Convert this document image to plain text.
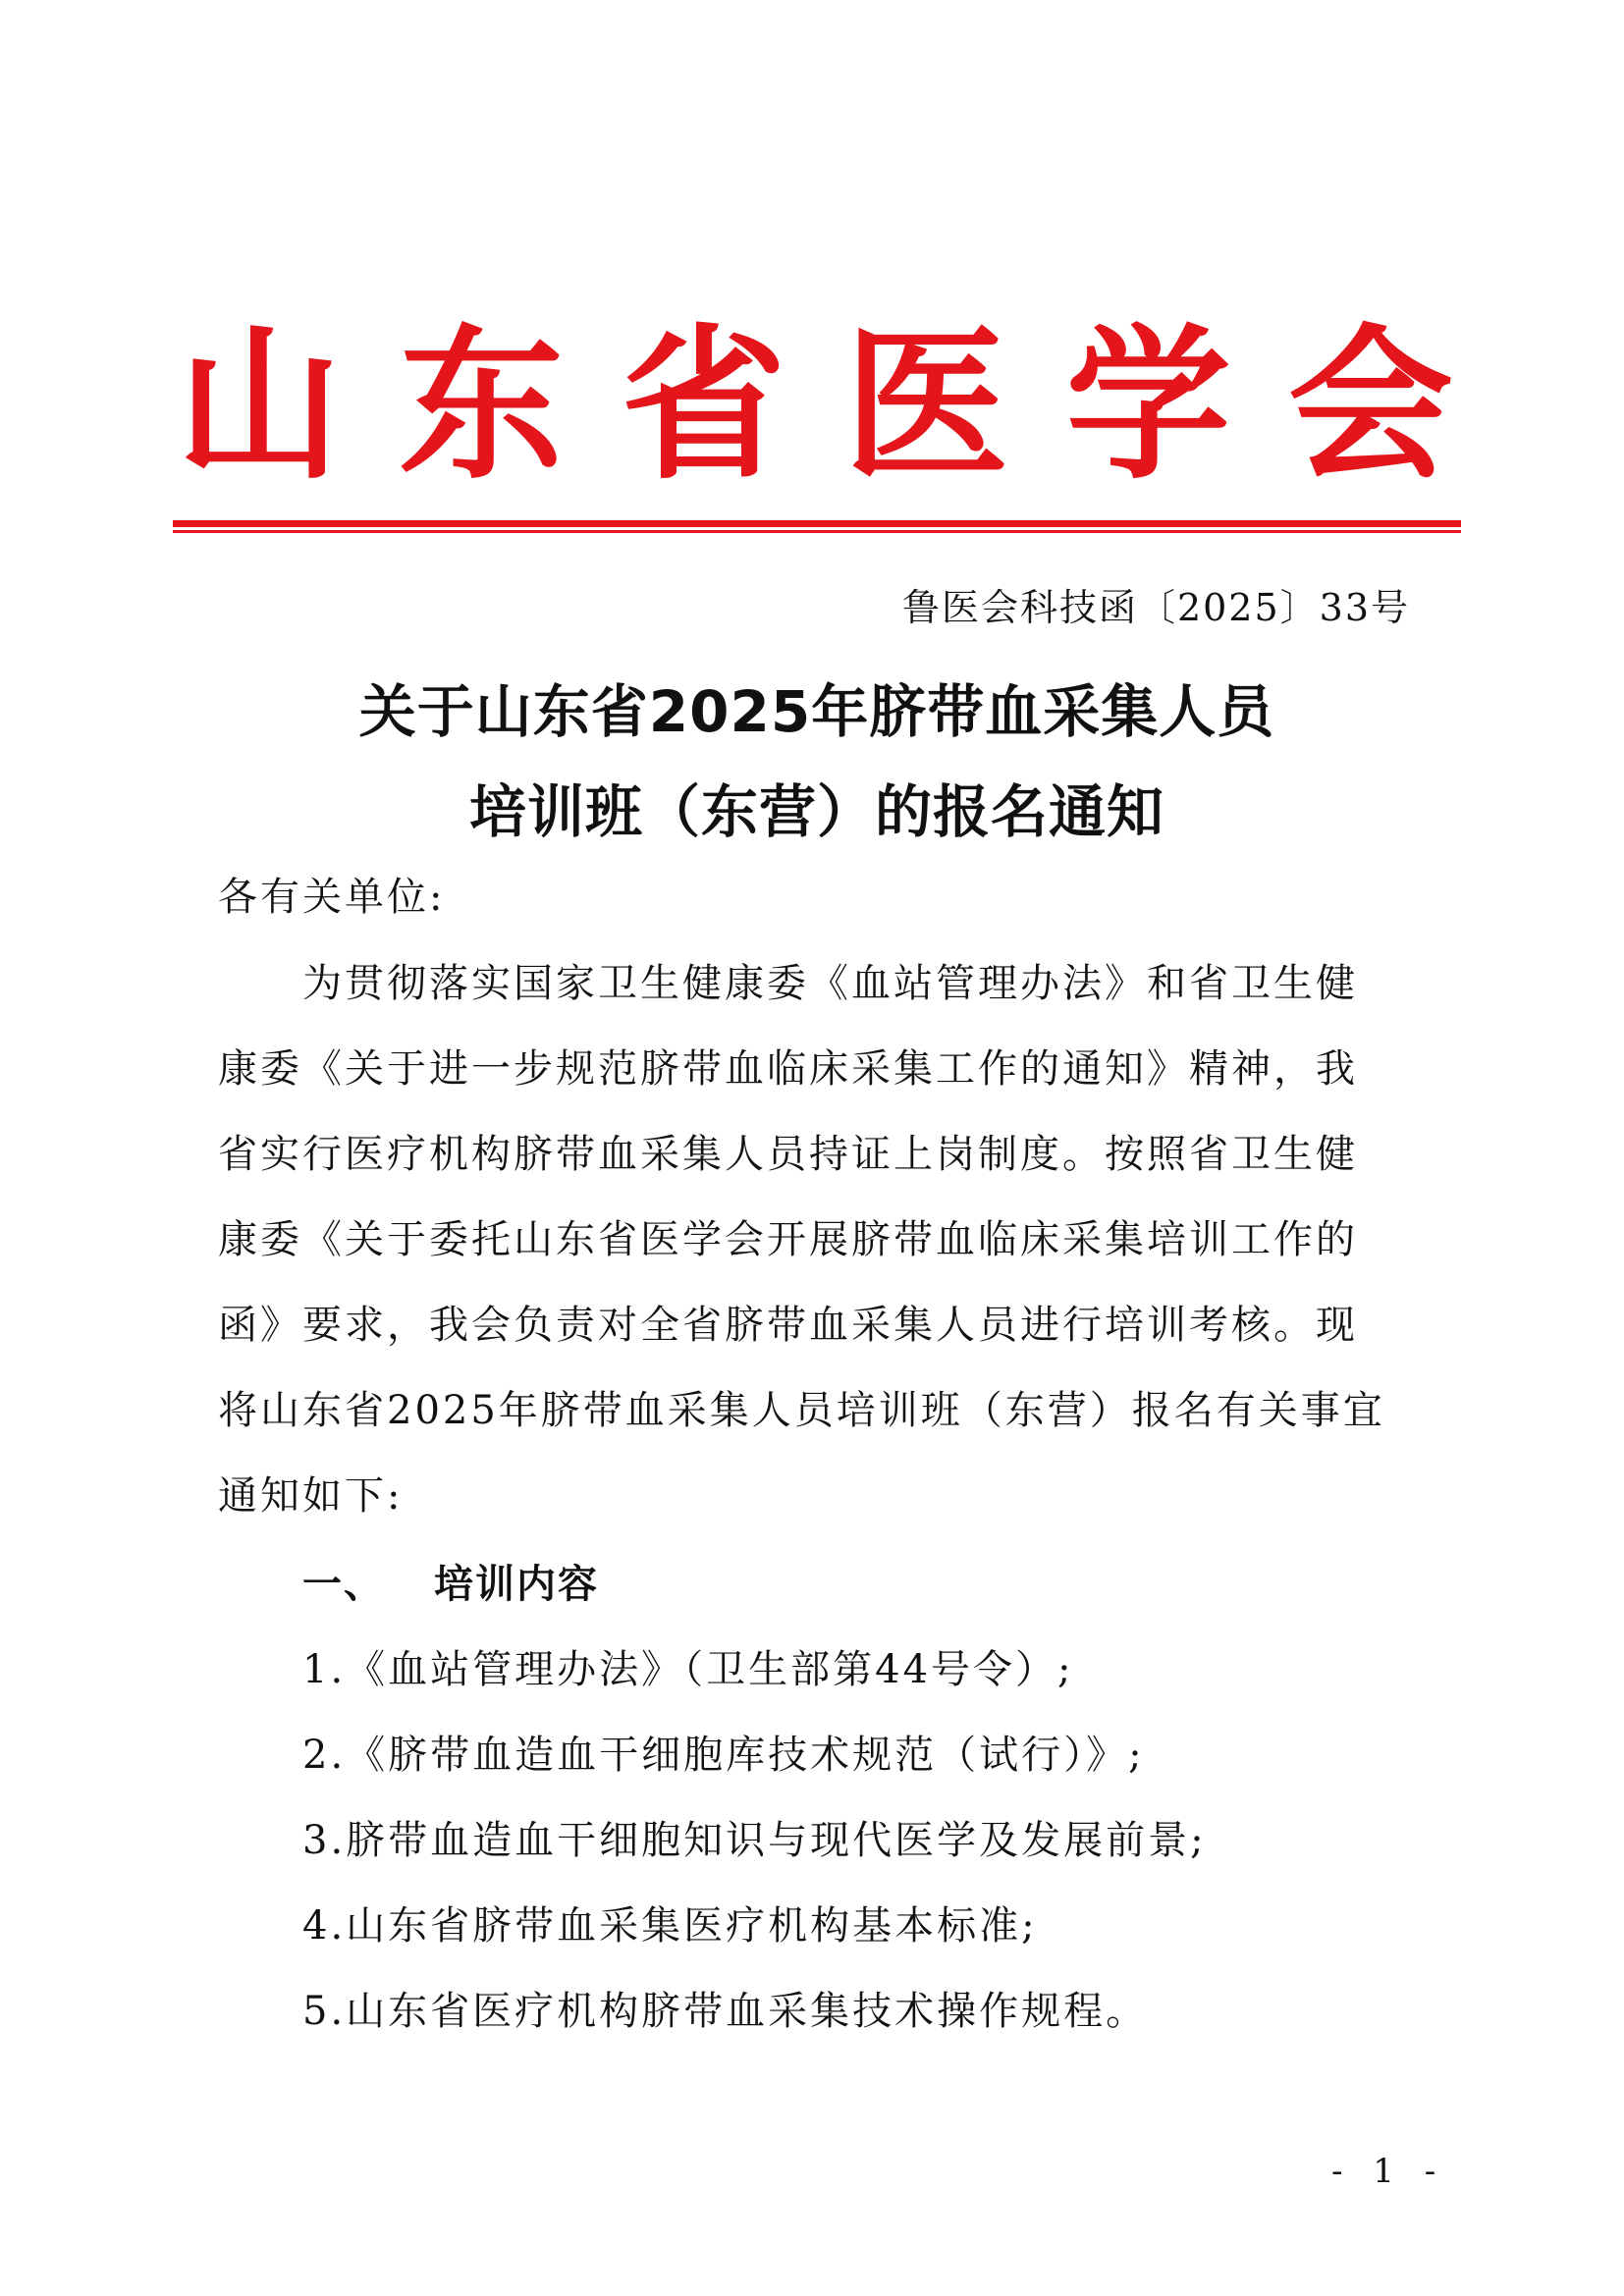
山 东 省 医 学 会
鲁医会科技函〔2025〕33号
关于山东省2025年脐带血采集人员
培训班（东营）的报名通知
各有关单位:
　　为贯彻落实国家卫生健康委《血站管理办法》和省卫生健
康委《关于进一步规范脐带血临床采集工作的通知》精神，我
省实行医疗机构脐带血采集人员持证上岗制度。按照省卫生健
康委《关于委托山东省医学会开展脐带血临床采集培训工作的
函》要求，我会负责对全省脐带血采集人员进行培训考核。现
将山东省2025年脐带血采集人员培训班（东营）报名有关事宜
通知如下:
一、 培训内容
1.《血站管理办法》（卫生部第44号令）;
2.《脐带血造血干细胞库技术规范（试行）》;
3.脐带血造血干细胞知识与现代医学及发展前景;
4.山东省脐带血采集医疗机构基本标准;
5.山东省医疗机构脐带血采集技术操作规程。
- 1 -
